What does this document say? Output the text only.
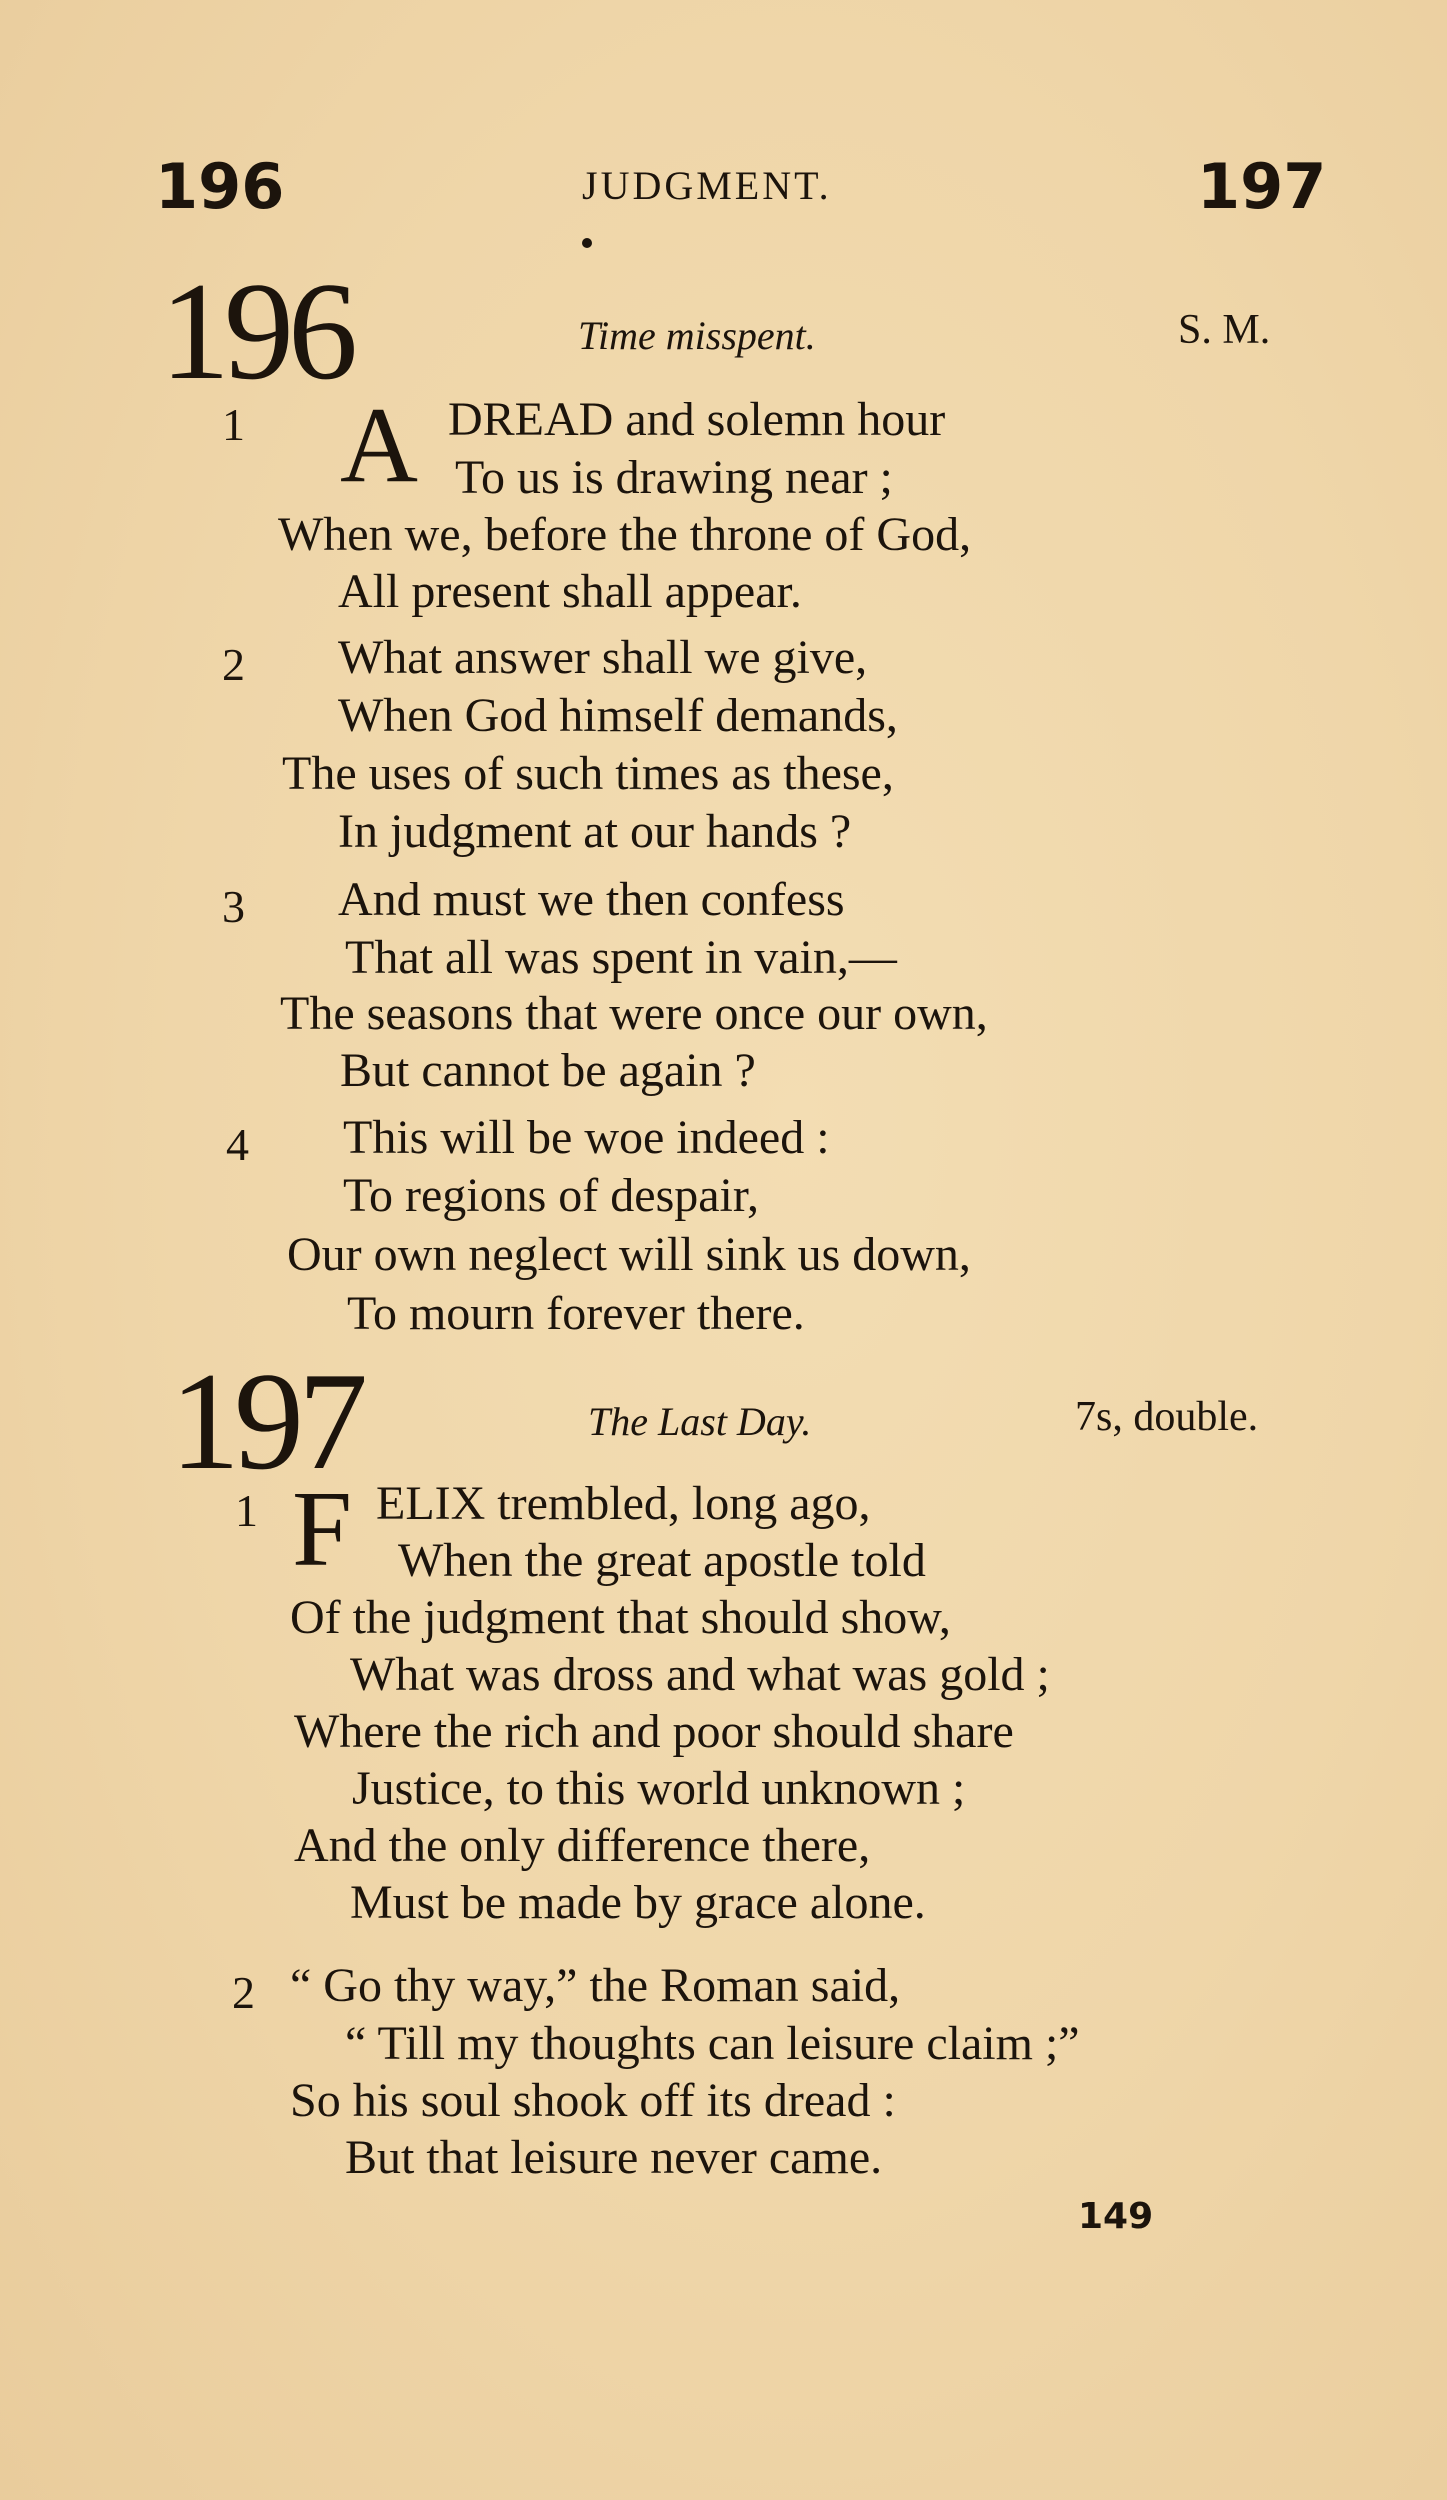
196	JUDGMENT.	197
196	Time misspent.	S. M.
1 A DREAD and solemn hour
To us is drawing near ;
When we, before the throne of God,
All present shall appear.
2 What answer shall we give,
When God himself demands,
The uses of such times as these,
In judgment at our hands ?
3 And must we then confess
That all was spent in vain,—
The seasons that were once our own,
But cannot be again ?
4 This will be woe indeed :
To regions of despair,
Our own neglect will sink us down,
To mourn forever there.
197	The Last Day.	7s, double.
1 F ELIX trembled, long ago,
When the great apostle told
Of the judgment that should show,
What was dross and what was gold ;
Where the rich and poor should share
Justice, to this world unknown ;
And the only difference there,
Must be made by grace alone.
2 “ Go thy way,” the Roman said,
“ Till my thoughts can leisure claim ;”
So his soul shook off its dread :
But that leisure never came.
149
